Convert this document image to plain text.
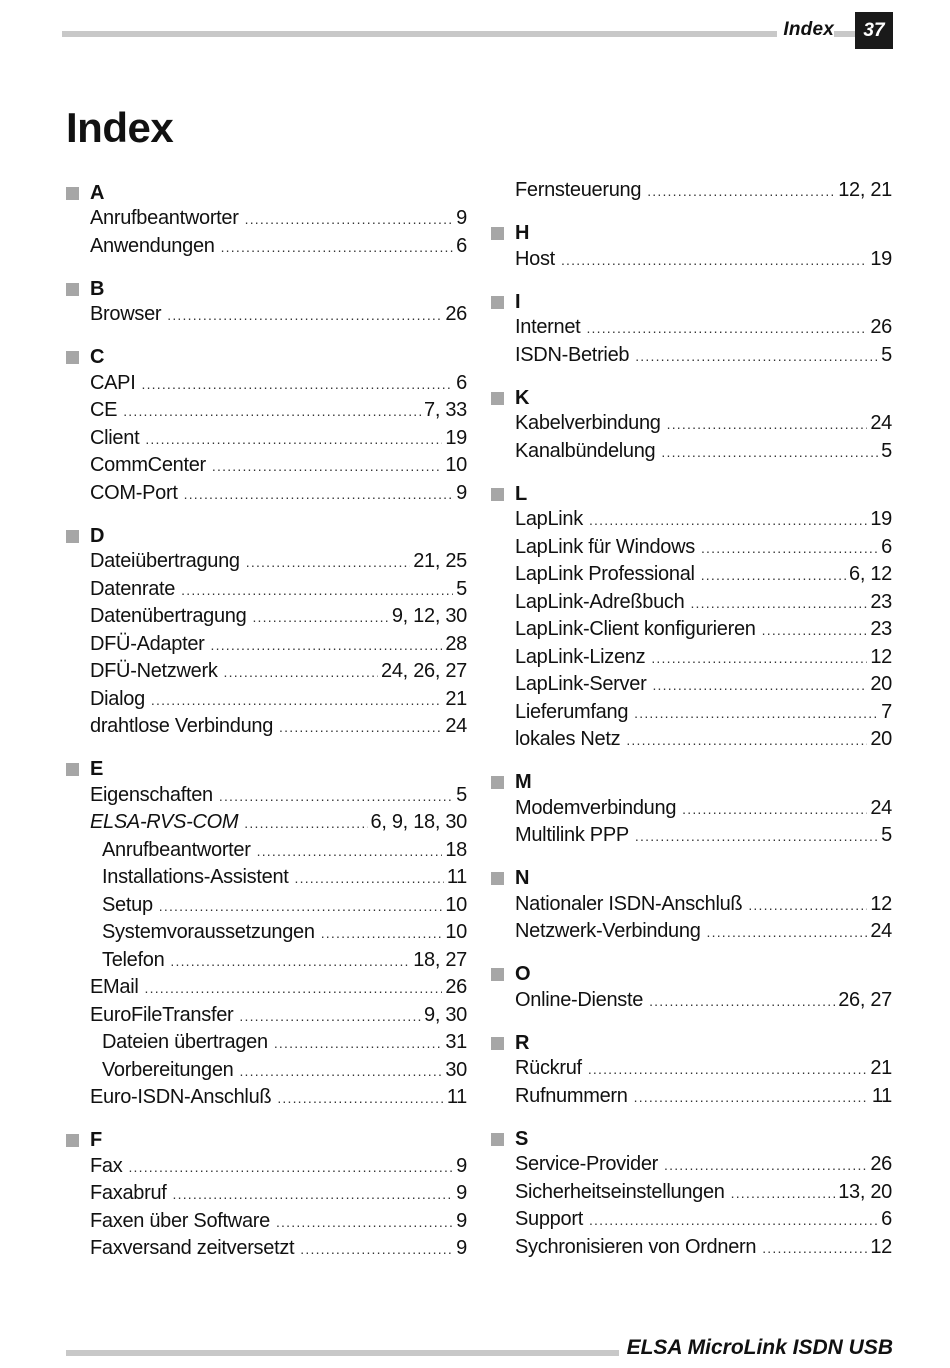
Index	37
Index
A
Anrufbeantworter .....	9
Anwendungen .....	6
B
Browser .....	26
C
CAPI .....	6
CE .....	7, 33
Client .....	19
CommCenter .....	10
COM-Port .....	9
D
Dateiübertragung .....	21, 25
Datenrate .....	5
Datenübertragung .....	9, 12, 30
DFÜ-Adapter .....	28
DFÜ-Netzwerk .....	24, 26, 27
Dialog .....	21
drahtlose Verbindung .....	24
E
Eigenschaften .....	5
ELSA-RVS-COM .....	6, 9, 18, 30
Anrufbeantworter .....	18
Installations-Assistent .....	11
Setup .....	10
Systemvoraussetzungen .....	10
Telefon .....	18, 27
EMail .....	26
EuroFileTransfer .....	9, 30
Dateien übertragen .....	31
Vorbereitungen .....	30
Euro-ISDN-Anschluß .....	11
F
Fax .....	9
Faxabruf .....	9
Faxen über Software .....	9
Faxversand zeitversetzt .....	9
Fernsteuerung .....	12, 21
H
Host .....	19
I
Internet .....	26
ISDN-Betrieb .....	5
K
Kabelverbindung .....	24
Kanalbündelung .....	5
L
LapLink .....	19
LapLink für Windows .....	6
LapLink Professional .....	6, 12
LapLink-Adreßbuch .....	23
LapLink-Client konfigurieren .....	23
LapLink-Lizenz .....	12
LapLink-Server .....	20
Lieferumfang .....	7
lokales Netz .....	20
M
Modemverbindung .....	24
Multilink PPP .....	5
N
Nationaler ISDN-Anschluß .....	12
Netzwerk-Verbindung .....	24
O
Online-Dienste .....	26, 27
R
Rückruf .....	21
Rufnummern .....	11
S
Service-Provider .....	26
Sicherheitseinstellungen .....	13, 20
Support .....	6
Sychronisieren von Ordnern .....	12
ELSA MicroLink ISDN USB
